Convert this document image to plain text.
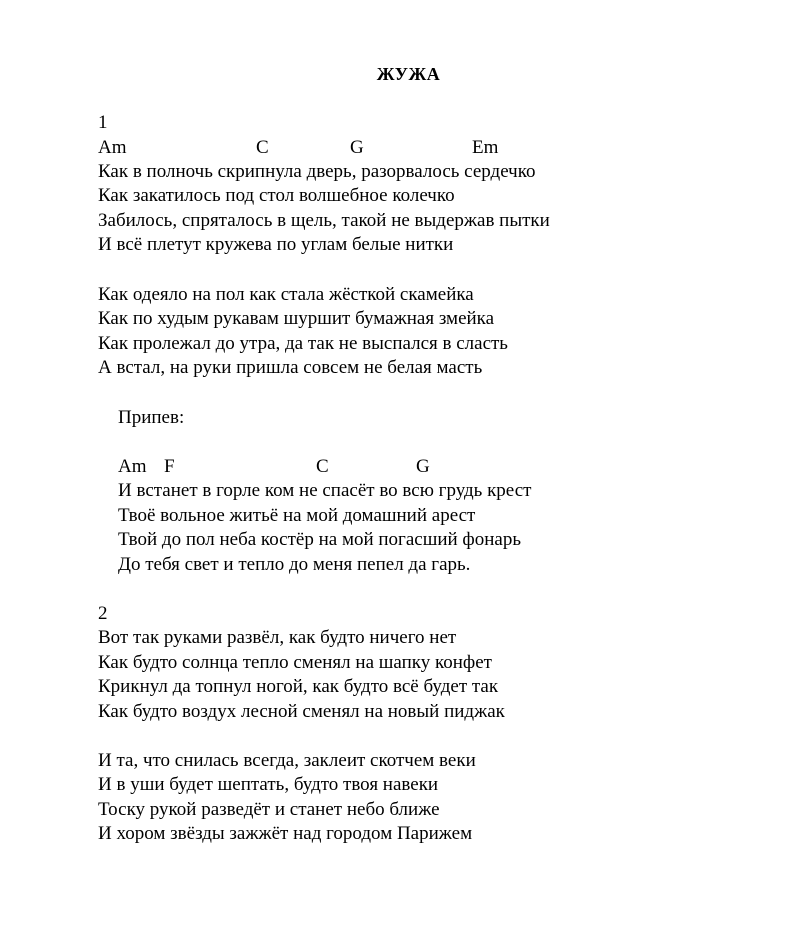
ЖУЖА
1
Am	C	G	Em
Как в полночь скрипнула дверь, разорвалось сердечко
Как закатилось под стол волшебное колечко
Забилось, спряталось в щель, такой не выдержав пытки
И всё плетут кружева по углам белые нитки
Как одеяло на пол как стала жёсткой скамейка
Как по худым рукавам шуршит бумажная змейка
Как пролежал до утра, да так не выспался в сласть
А встал, на руки пришла совсем не белая масть
Припев:
Am F	C	G
И встанет в горле ком не спасёт во всю грудь крест
Твоё вольное житьё на мой домашний арест
Твой до пол неба костёр на мой погасший фонарь
До тебя свет и тепло до меня пепел да гарь.
2
Вот так руками развёл, как будто ничего нет
Как будто солнца тепло сменял на шапку конфет
Крикнул да топнул ногой, как будто всё будет так
Как будто воздух лесной сменял на новый пиджак
И та, что снилась всегда, заклеит скотчем веки
И в уши будет шептать, будто твоя навеки
Тоску рукой разведёт и станет небо ближе
И хором звёзды зажжёт над городом Парижем
